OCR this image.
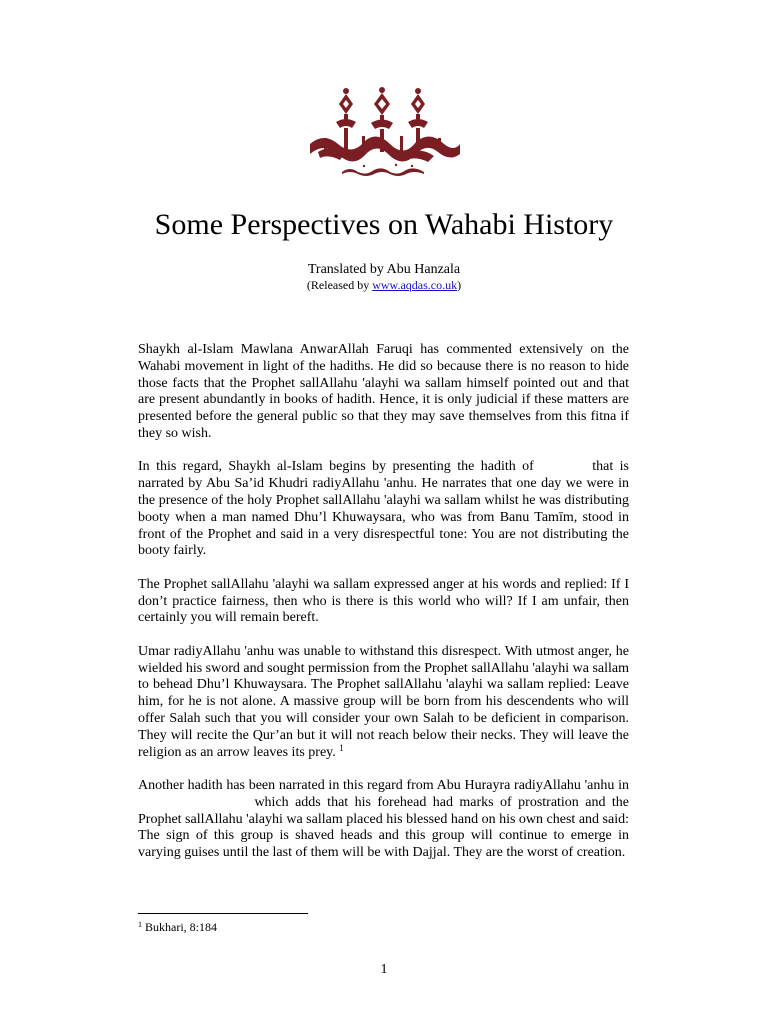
Some Perspectives on Wahabi History
Translated by Abu Hanzala
(Released by www.aqdas.co.uk)

Shaykh al-Islam Mawlana AnwarAllah Faruqi has commented extensively on the Wahabi movement in light of the hadiths. He did so because there is no reason to hide those facts that the Prophet sallAllahu 'alayhi wa sallam himself pointed out and that are present abundantly in books of hadith. Hence, it is only judicial if these matters are presented before the general public so that they may save themselves from this fitna if they so wish.

In this regard, Shaykh al-Islam begins by presenting the hadith of	that is narrated by Abu Sa’id Khudri radiyAllahu 'anhu. He narrates that one day we were in the presence of the holy Prophet sallAllahu 'alayhi wa sallam whilst he was distributing booty when a man named Dhu’l Khuwaysara, who was from Banu Tamīm, stood in front of the Prophet and said in a very disrespectful tone: You are not distributing the booty fairly.

The Prophet sallAllahu 'alayhi wa sallam expressed anger at his words and replied: If I don’t practice fairness, then who is there is this world who will? If I am unfair, then certainly you will remain bereft.

Umar radiyAllahu 'anhu was unable to withstand this disrespect. With utmost anger, he wielded his sword and sought permission from the Prophet sallAllahu 'alayhi wa sallam to behead Dhu’l Khuwaysara. The Prophet sallAllahu 'alayhi wa sallam replied: Leave him, for he is not alone. A massive group will be born from his descendents who will offer Salah such that you will consider your own Salah to be deficient in comparison. They will recite the Qur’an but it will not reach below their necks. They will leave the religion as an arrow leaves its prey. $^1$

Another hadith has been narrated in this regard from Abu Hurayra radiyAllahu 'anhu in which adds that his forehead had marks of prostration and the Prophet sallAllahu 'alayhi wa sallam placed his blessed hand on his own chest and said: The sign of this group is shaved heads and this group will continue to emerge in varying guises until the last of them will be with Dajjal. They are the worst of creation.

$^1$ Bukhari, 8:184
1
